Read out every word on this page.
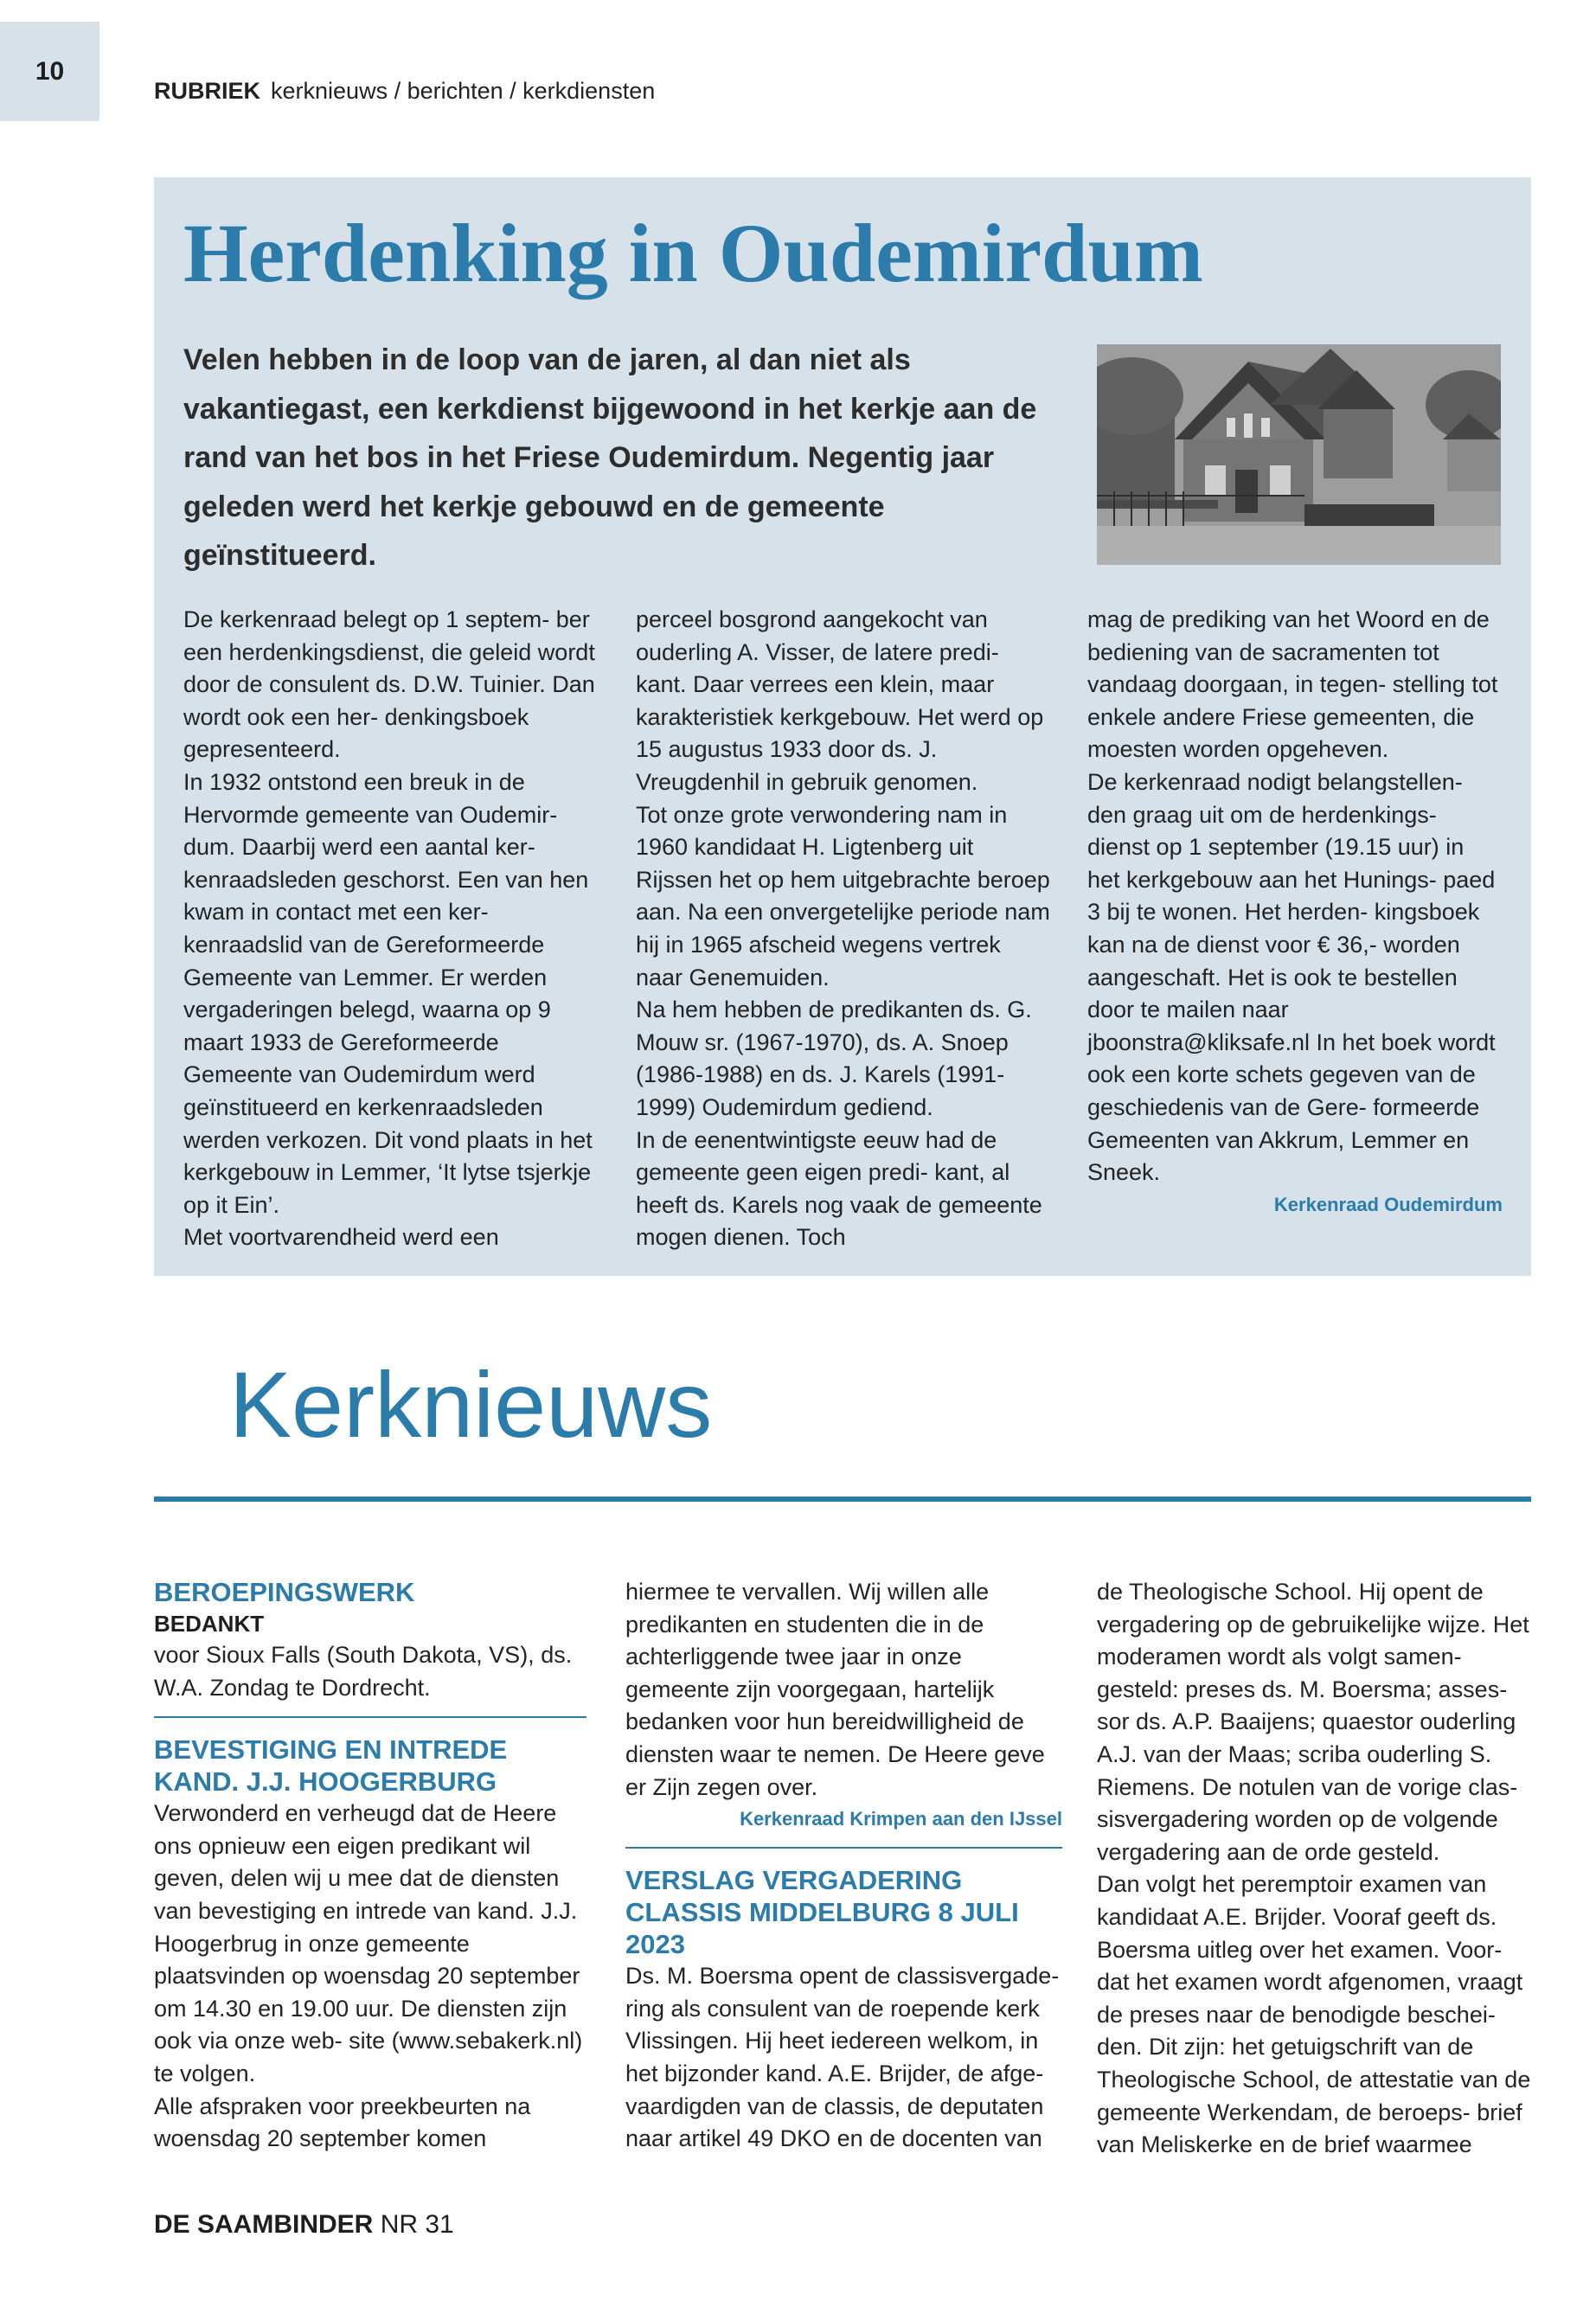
10
RUBRIEK kerknieuws / berichten / kerkdiensten
Herdenking in Oudemirdum

Velen hebben in de loop van de jaren, al dan niet als vakantiegast, een kerkdienst bijgewoond in het kerkje aan de rand van het bos in het Friese Oudemirdum. Negentig jaar geleden werd het kerkje gebouwd en de gemeente geïnstitueerd.

De kerkenraad belegt op 1 septem- ber een herdenkingsdienst, die geleid wordt door de consulent ds. D.W. Tuinier. Dan wordt ook een her- denkingsboek gepresenteerd.

In 1932 ontstond een breuk in de Hervormde gemeente van Oudemir- dum. Daarbij werd een aantal ker- kenraadsleden geschorst. Een van hen kwam in contact met een ker- kenraadslid van de Gereformeerde Gemeente van Lemmer. Er werden vergaderingen belegd, waarna op 9 maart 1933 de Gereformeerde Gemeente van Oudemirdum werd geïnstitueerd en kerkenraadsleden werden verkozen. Dit vond plaats in het kerkgebouw in Lemmer, ‘It lytse tsjerkje op it Ein’.

Met voortvarendheid werd een

perceel bosgrond aangekocht van ouderling A. Visser, de latere predi- kant. Daar verrees een klein, maar karakteristiek kerkgebouw. Het werd op 15 augustus 1933 door ds. J. Vreugdenhil in gebruik genomen.

Tot onze grote verwondering nam in 1960 kandidaat H. Ligtenberg uit Rijssen het op hem uitgebrachte beroep aan. Na een onvergetelijke periode nam hij in 1965 afscheid wegens vertrek naar Genemuiden.

Na hem hebben de predikanten ds. G. Mouw sr. (1967-1970), ds. A. Snoep (1986-1988) en ds. J. Karels (1991-1999) Oudemirdum gediend.

In de eenentwintigste eeuw had de gemeente geen eigen predi- kant, al heeft ds. Karels nog vaak de gemeente mogen dienen. Toch

mag de prediking van het Woord en de bediening van de sacramenten tot vandaag doorgaan, in tegen- stelling tot enkele andere Friese gemeenten, die moesten worden opgeheven.

De kerkenraad nodigt belangstellen- den graag uit om de herdenkings- dienst op 1 september (19.15 uur) in het kerkgebouw aan het Hunings- paed 3 bij te wonen. Het herden- kingsboek kan na de dienst voor € 36,- worden aangeschaft. Het is ook te bestellen door te mailen naar jboonstra@kliksafe.nl In het boek wordt ook een korte schets gegeven van de geschiedenis van de Gere- formeerde Gemeenten van Akkrum, Lemmer en Sneek.

Kerkenraad Oudemirdum

Kerknieuws

BEROEPINGSWERK

BEDANKT

voor Sioux Falls (South Dakota, VS), ds. W.A. Zondag te Dordrecht.

BEVESTIGING EN INTREDE KAND. J.J. HOOGERBURG

Verwonderd en verheugd dat de Heere ons opnieuw een eigen predikant wil geven, delen wij u mee dat de diensten van bevestiging en intrede van kand. J.J. Hoogerbrug in onze gemeente plaatsvinden op woensdag 20 september om 14.30 en 19.00 uur. De diensten zijn ook via onze web- site (www.sebakerk.nl) te volgen.

Alle afspraken voor preekbeurten na woensdag 20 september komen

hiermee te vervallen. Wij willen alle predikanten en studenten die in de achterliggende twee jaar in onze gemeente zijn voorgegaan, hartelijk bedanken voor hun bereidwilligheid de diensten waar te nemen. De Heere geve er Zijn zegen over.

Kerkenraad Krimpen aan den IJssel

VERSLAG VERGADERING CLASSIS MIDDELBURG 8 JULI 2023

Ds. M. Boersma opent de classisvergade- ring als consulent van de roepende kerk Vlissingen. Hij heet iedereen welkom, in het bijzonder kand. A.E. Brijder, de afge- vaardigden van de classis, de deputaten naar artikel 49 DKO en de docenten van

de Theologische School. Hij opent de vergadering op de gebruikelijke wijze. Het moderamen wordt als volgt samen- gesteld: preses ds. M. Boersma; asses- sor ds. A.P. Baaijens; quaestor ouderling A.J. van der Maas; scriba ouderling S. Riemens. De notulen van de vorige clas- sisvergadering worden op de volgende vergadering aan de orde gesteld.

Dan volgt het peremptoir examen van kandidaat A.E. Brijder. Vooraf geeft ds. Boersma uitleg over het examen. Voor- dat het examen wordt afgenomen, vraagt de preses naar de benodigde beschei- den. Dit zijn: het getuigschrift van de Theologische School, de attestatie van de gemeente Werkendam, de beroeps- brief van Meliskerke en de brief waarmee

DE SAAMBINDER NR 31
